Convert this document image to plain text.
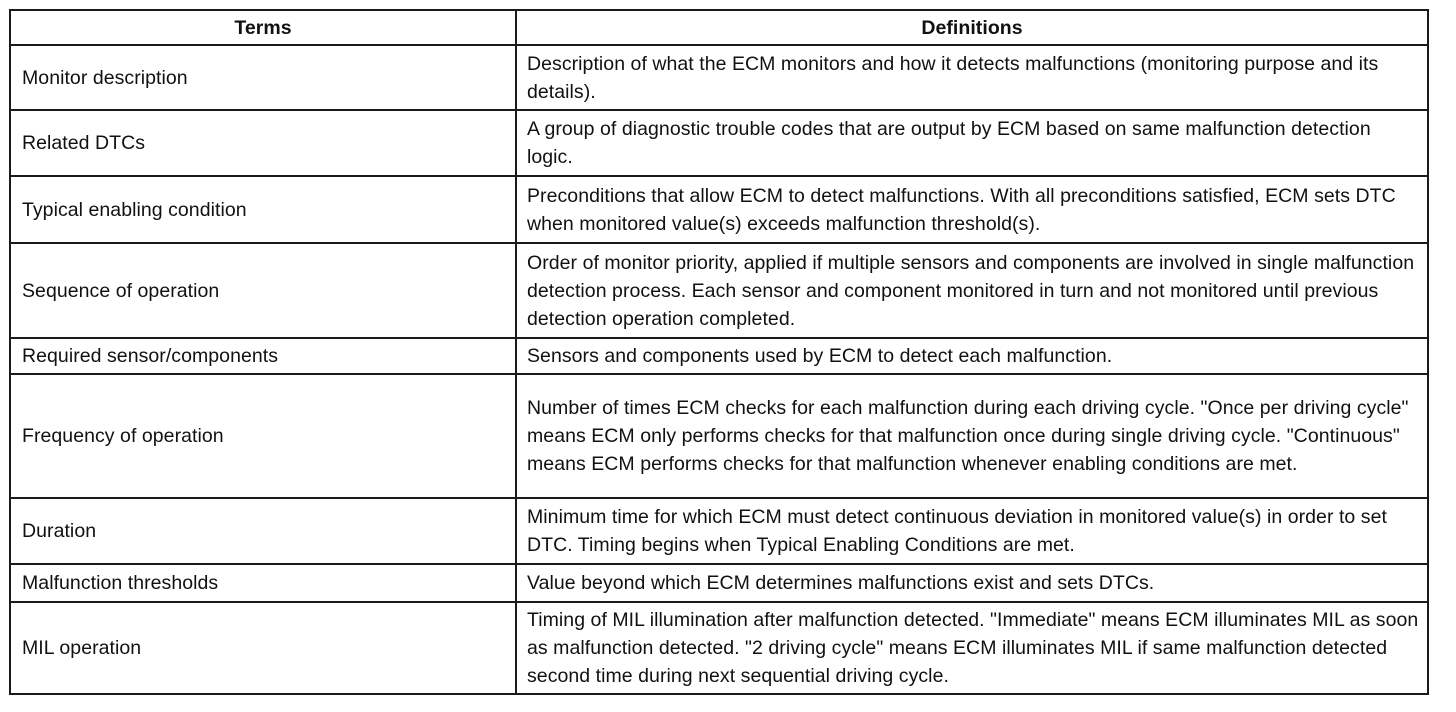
Terms	Definitions
Monitor description	Description of what the ECM monitors and how it detects malfunctions (monitoring purpose and its details).
Related DTCs	A group of diagnostic trouble codes that are output by ECM based on same malfunction detection logic.
Typical enabling condition	Preconditions that allow ECM to detect malfunctions. With all preconditions satisfied, ECM sets DTC when monitored value(s) exceeds malfunction threshold(s).
Sequence of operation	Order of monitor priority, applied if multiple sensors and components are involved in single malfunction detection process. Each sensor and component monitored in turn and not monitored until previous detection operation completed.
Required sensor/components	Sensors and components used by ECM to detect each malfunction.
Frequency of operation	Number of times ECM checks for each malfunction during each driving cycle. "Once per driving cycle" means ECM only performs checks for that malfunction once during single driving cycle. "Continuous" means ECM performs checks for that malfunction whenever enabling conditions are met.
Duration	Minimum time for which ECM must detect continuous deviation in monitored value(s) in order to set DTC. Timing begins when Typical Enabling Conditions are met.
Malfunction thresholds	Value beyond which ECM determines malfunctions exist and sets DTCs.
MIL operation	Timing of MIL illumination after malfunction detected. "Immediate" means ECM illuminates MIL as soon as malfunction detected. "2 driving cycle" means ECM illuminates MIL if same malfunction detected second time during next sequential driving cycle.
